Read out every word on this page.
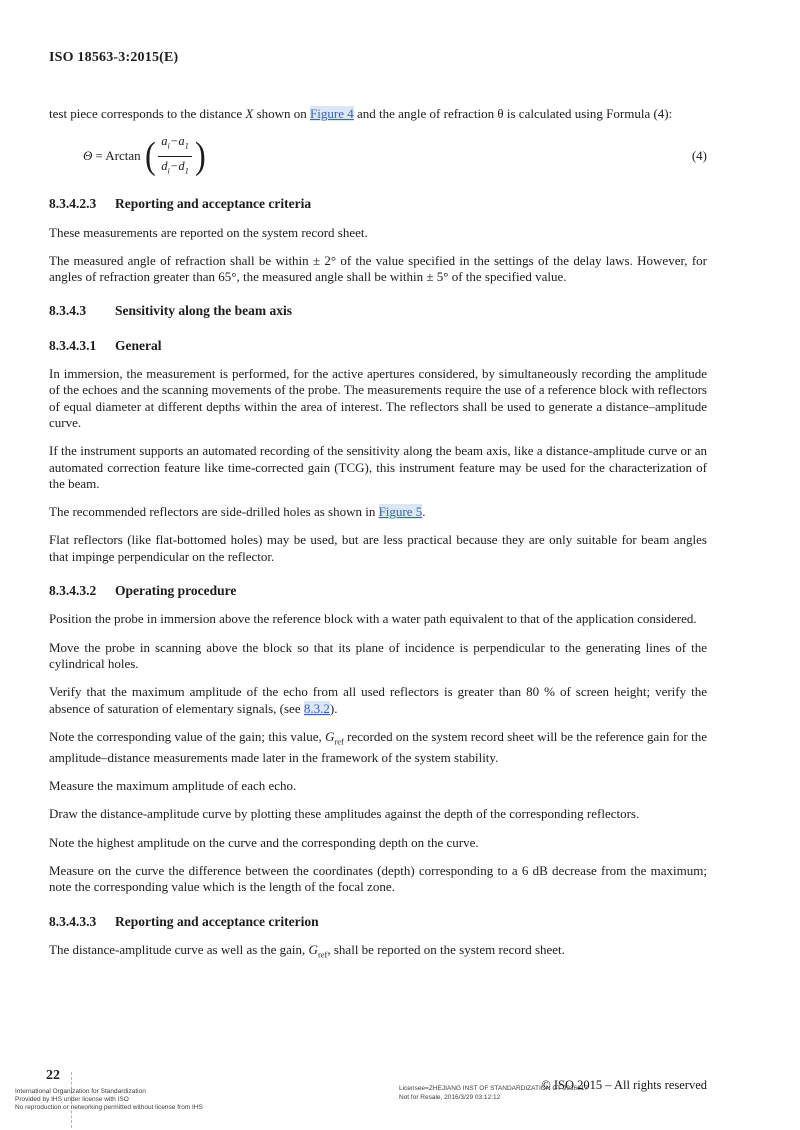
ISO 18563-3:2015(E)

test piece corresponds to the distance X shown on Figure 4 and the angle of refraction θ is calculated using Formula (4):

Θ = Arctan ( $\frac{a_i-a_1}{d_i-d_1}$ )	(4)
8.3.4.2.3 Reporting and acceptance criteria

These measurements are reported on the system record sheet.

The measured angle of refraction shall be within ± 2° of the value specified in the settings of the delay laws. However, for angles of refraction greater than 65°, the measured angle shall be within ± 5° of the specified value.

8.3.4.3 Sensitivity along the beam axis
8.3.4.3.1 General

In immersion, the measurement is performed, for the active apertures considered, by simultaneously recording the amplitude of the echoes and the scanning movements of the probe. The measurements require the use of a reference block with reflectors of equal diameter at different depths within the area of interest. The reflectors shall be used to generate a distance–amplitude curve.

If the instrument supports an automated recording of the sensitivity along the beam axis, like a distance-amplitude curve or an automated correction feature like time-corrected gain (TCG), this instrument feature may be used for the characterization of the beam.

The recommended reflectors are side-drilled holes as shown in Figure 5.

Flat reflectors (like flat-bottomed holes) may be used, but are less practical because they are only suitable for beam angles that impinge perpendicular on the reflector.

8.3.4.3.2 Operating procedure

Position the probe in immersion above the reference block with a water path equivalent to that of the application considered.

Move the probe in scanning above the block so that its plane of incidence is perpendicular to the generating lines of the cylindrical holes.

Verify that the maximum amplitude of the echo from all used reflectors is greater than 80 % of screen height; verify the absence of saturation of elementary signals, (see 8.3.2).

Note the corresponding value of the gain; this value, $G_{ref}$ recorded on the system record sheet will be the reference gain for the amplitude–distance measurements made later in the framework of the system stability.

Measure the maximum amplitude of each echo.

Draw the distance-amplitude curve by plotting these amplitudes against the depth of the corresponding reflectors.

Note the highest amplitude on the curve and the corresponding depth on the curve.

Measure on the curve the difference between the coordinates (depth) corresponding to a 6 dB decrease from the maximum; note the corresponding value which is the length of the focal zone.

8.3.4.3.3 Reporting and acceptance criterion

The distance-amplitude curve as well as the gain, $G_{ref}$, shall be reported on the system record sheet.

22
International Organization for Standardization
Provided by IHS under license with ISO
No reproduction or networking permitted without license from IHS
Licensee=ZHEJIANG INST OF STANDARDIZATION CT 9936617
Not for Resale, 2016/3/29 03:12:12
© ISO 2015 – All rights reserved
